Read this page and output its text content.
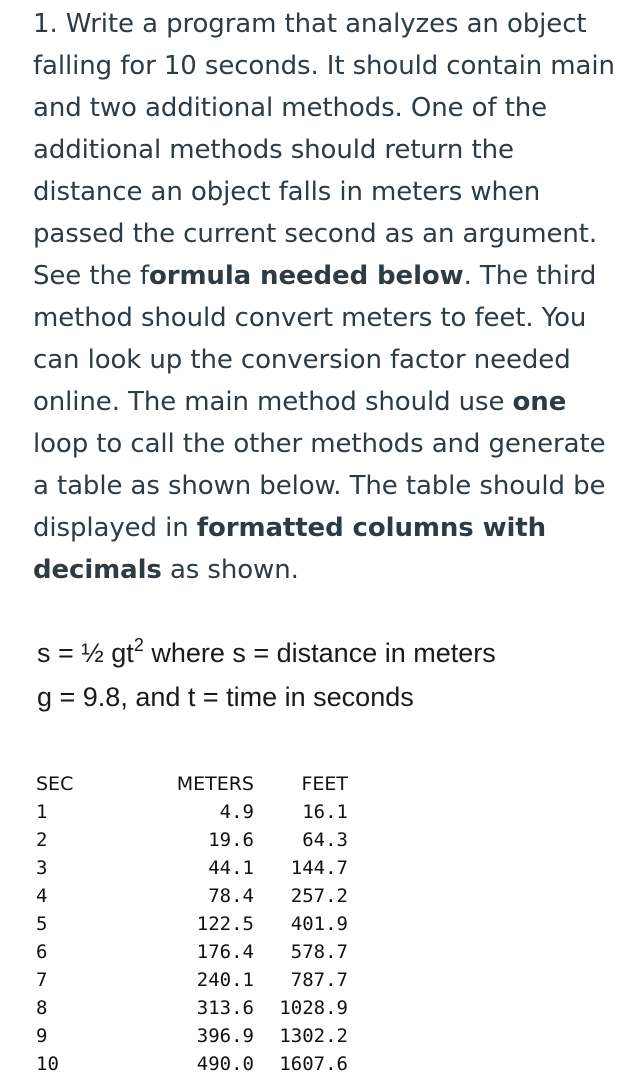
1. Write a program that analyzes an object falling for 10 seconds. It should contain main and two additional methods. One of the additional methods should return the distance an object falls in meters when passed the current second as an argument. See the formula needed below. The third method should convert meters to feet. You can look up the conversion factor needed online. The main method should use one loop to call the other methods and generate a table as shown below. The table should be displayed in formatted columns with decimals as shown.
s = ½ $gt^2$ where s = distance in meters
g = 9.8, and t = time in seconds
SEC	METERS	FEET
1	4.9	16.1
2	19.6	64.3
3	44.1	144.7
4	78.4	257.2
5	122.5	401.9
6	176.4	578.7
7	240.1	787.7
8	313.6	1028.9
9	396.9	1302.2
10	490.0	1607.6
